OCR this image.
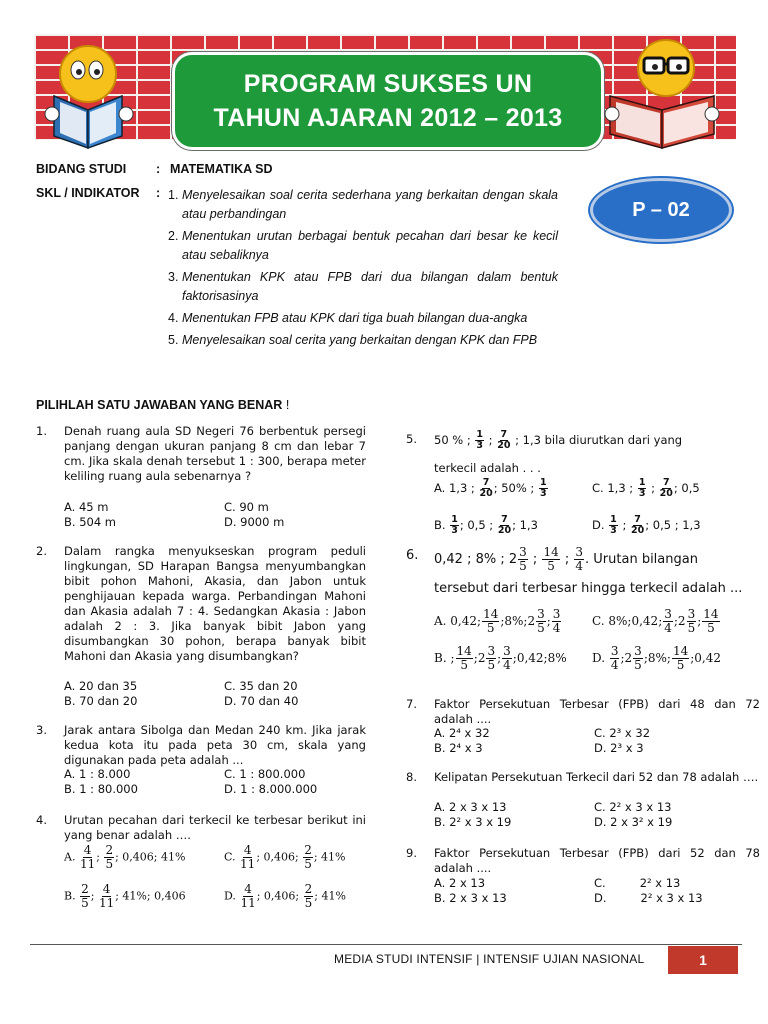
PROGRAM SUKSES UN
TAHUN AJARAN 2012 – 2013
BIDANG STUDI	: MATEMATIKA SD
SKL / INDIKATOR	: 1. Menyelesaikan soal cerita sederhana yang berkaitan dengan skala atau perbandingan
2. Menentukan urutan berbagai bentuk pecahan dari besar ke kecil atau sebaliknya
3. Menentukan KPK atau FPB dari dua bilangan dalam bentuk faktorisasinya
4. Menentukan FPB atau KPK dari tiga buah bilangan dua-angka
5. Menyelesaikan soal cerita yang berkaitan dengan KPK dan FPB
P – 02
PILIHLAH SATU JAWABAN YANG BENAR !
1. Denah ruang aula SD Negeri 76 berbentuk persegi panjang dengan ukuran panjang 8 cm dan lebar 7 cm. Jika skala denah tersebut 1 : 300, berapa meter keliling ruang aula sebenarnya ?
A. 45 m	C. 90 m
B. 504 m	D. 9000 m
2. Dalam rangka menyukseskan program peduli lingkungan, SD Harapan Bangsa menyumbangkan bibit pohon Mahoni, Akasia, dan Jabon untuk penghijauan kepada warga. Perbandingan Mahoni dan Akasia adalah 7 : 4. Sedangkan Akasia : Jabon adalah 2 : 3. Jika banyak bibit Jabon yang disumbangkan 30 pohon, berapa banyak bibit Mahoni dan Akasia yang disumbangkan?
A. 20 dan 35	C. 35 dan 20
B. 70 dan 20	D. 70 dan 40
3. Jarak antara Sibolga dan Medan 240 km. Jika jarak kedua kota itu pada peta 30 cm, skala yang digunakan pada peta adalah ...
A. 1 : 8.000	C. 1 : 800.000
B. 1 : 80.000	D. 1 : 8.000.000
4. Urutan pecahan dari terkecil ke terbesar berikut ini yang benar adalah ….
A. $\frac{4}{11}$ ; $\frac{2}{5}$ ; 0,406; 41%	C. $\frac{4}{11}$ ; 0,406; $\frac{2}{5}$ ; 41%
B. $\frac{2}{5}$ ; $\frac{4}{11}$ ; 41%; 0,406	D. $\frac{4}{11}$ ; 0,406; $\frac{2}{5}$ ; 41%
5. 50 % ; $\frac{1}{3}$ ; $\frac{7}{20}$ ; 1,3 bila diurutkan dari yang
terkecil adalah . . .
A. 1,3 ; $\frac{7}{20}$ ; 50% ; $\frac{1}{3}$	C. 1,3 ; $\frac{1}{3}$ ; $\frac{7}{20}$ ; 0,5
B. $\frac{1}{3}$ ; 0,5 ; $\frac{7}{20}$ ; 1,3	D. $\frac{1}{3}$ ; $\frac{7}{20}$ ; 0,5 ; 1,3
6. 0,42 ; 8% ; $2 \frac{3}{5}$ ; $\frac{14}{5}$ ; $\frac{3}{4}$ . Urutan bilangan
tersebut dari terbesar hingga terkecil adalah ...
A. 0,42; $\frac{14}{5}$ ;8%;2 $\frac{3}{5}$ ; $\frac{3}{4}$	C. 8%;0,42; $\frac{3}{4}$ ;2 $\frac{3}{5}$ ; $\frac{14}{5}$
B. ; $\frac{14}{5}$ ;2 $\frac{3}{5}$ ; $\frac{3}{4}$ ;0,42;8%	D. $\frac{3}{4}$ ;2 $\frac{3}{5}$ ;8%; $\frac{14}{5}$ ;0,42
7. Faktor Persekutuan Terbesar (FPB) dari 48 dan 72 adalah ....
A. 2⁴ x 32	C. 2³ x 32
B. 2⁴ x 3	D. 2³ x 3
8. Kelipatan Persekutuan Terkecil dari 52 dan 78 adalah ….
A. 2 x 3 x 13	C. 2² x 3 x 13
B. 2² x 3 x 19	D. 2 x 3² x 19
9. Faktor Persekutuan Terbesar (FPB) dari 52 dan 78 adalah ....
A. 2 x 13	C.	2² x 13
B. 2 x 3 x 13	D.	2² x 3 x 13
MEDIA STUDI INTENSIF | INTENSIF UJIAN NASIONAL	1
